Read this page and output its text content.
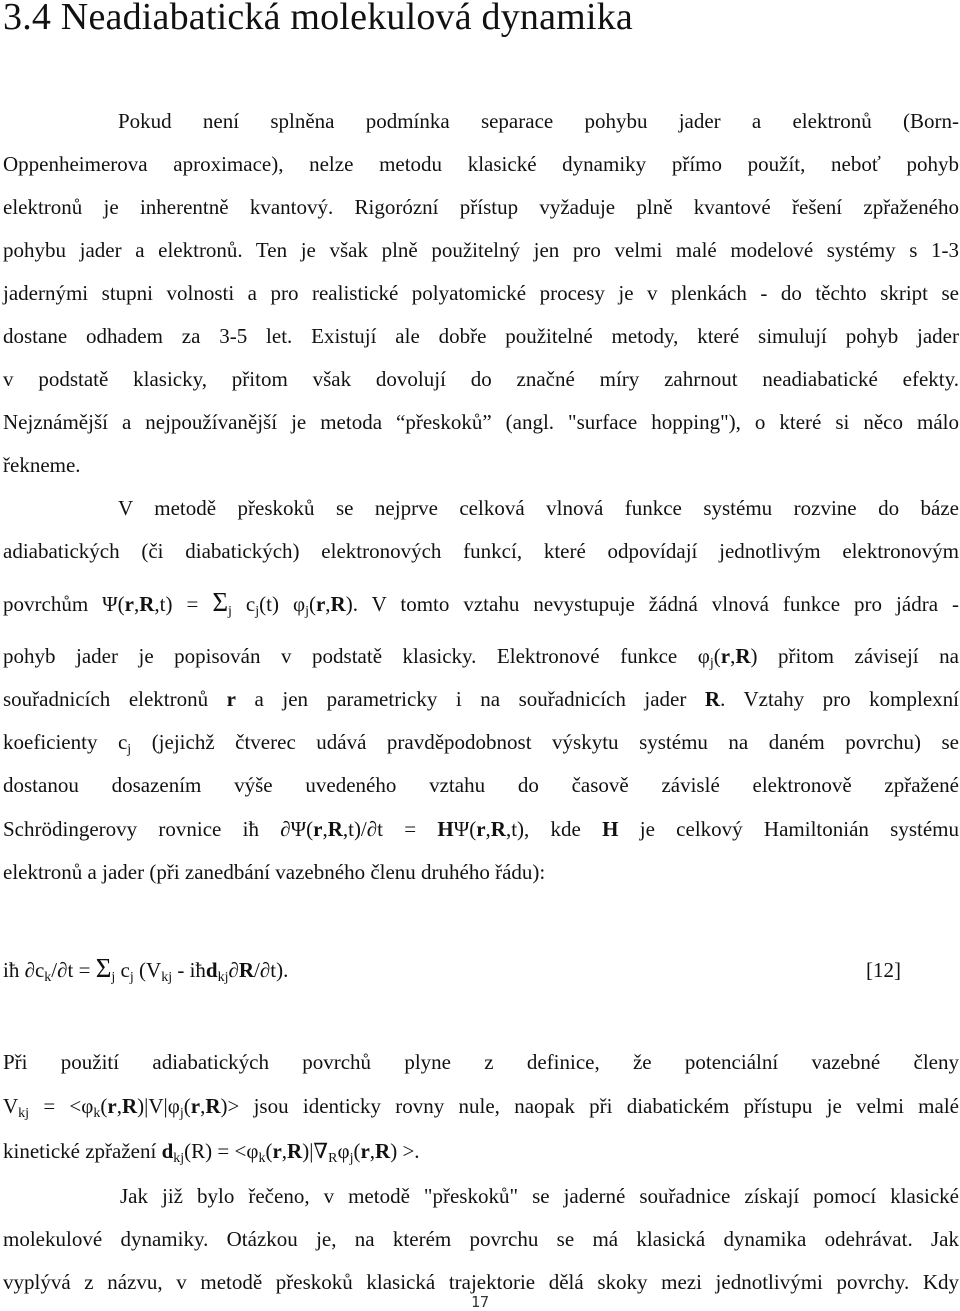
3.4 Neadiabatická molekulová dynamika

Pokud není splněna podmínka separace pohybu jader a elektronů (Born-

Oppenheimerova aproximace), nelze metodu klasické dynamiky přímo použít, neboť pohyb

elektronů je inherentně kvantový. Rigorózní přístup vyžaduje plně kvantové řešení zpřaženého

pohybu jader a elektronů. Ten je však plně použitelný jen pro velmi malé modelové systémy s 1-3

jadernými stupni volnosti a pro realistické polyatomické procesy je v plenkách - do těchto skript se

dostane odhadem za 3-5 let. Existují ale dobře použitelné metody, které simulují pohyb jader

v podstatě klasicky, přitom však dovolují do značné míry zahrnout neadiabatické efekty.

Nejznámější a nejpoužívanější je metoda “přeskoků” (angl. "surface hopping"), o které si něco málo

řekneme.

V metodě přeskoků se nejprve celková vlnová funkce systému rozvine do báze

adiabatických (či diabatických) elektronových funkcí, které odpovídají jednotlivým elektronovým

povrchům $\Psi(r,R,t) = \Sigma_j$ $c_j(t)$ $\varphi_j(r,R)$. V tomto vztahu nevystupuje žádná vlnová funkce pro jádra -

pohyb jader je popisován v podstatě klasicky. Elektronové funkce $\varphi_j(r,R)$ přitom závisejí na

souřadnicích elektronů r a jen parametricky i na souřadnicích jader R. Vztahy pro komplexní

koeficienty $c_j$ (jejichž čtverec udává pravděpodobnost výskytu systému na daném povrchu) se

dostanou dosazením výše uvedeného vztahu do časově závislé elektronově zpřažené

Schrödingerovy rovnice iħ ∂Ψ(r,R,t)/∂t = HΨ(r,R,t), kde H je celkový Hamiltonián systému

elektronů a jader (při zanedbání vazebného členu druhého řádu):

iħ $\partial c_k/\partial t = \Sigma_j$ $c_j$ ($V_{kj}$ - iħd$_{kj}$∂R/∂t).	[12]

Při použití adiabatických povrchů plyne z definice, že potenciální vazebné členy

$V_{kj} = <\varphi_k(r,R)|V|\varphi_j(r,R)>$ jsou identicky rovny nule, naopak při diabatickém přístupu je velmi malé

kinetické zpřažení $d_{kj}(R) = <\varphi_k(r,R)|\nabla_R\varphi_j(r,R)$ >.

Jak již bylo řečeno, v metodě "přeskoků" se jaderné souřadnice získají pomocí klasické

molekulové dynamiky. Otázkou je, na kterém povrchu se má klasická dynamika odehrávat. Jak

vyplývá z názvu, v metodě přeskoků klasická trajektorie dělá skoky mezi jednotlivými povrchy. Kdy

17
